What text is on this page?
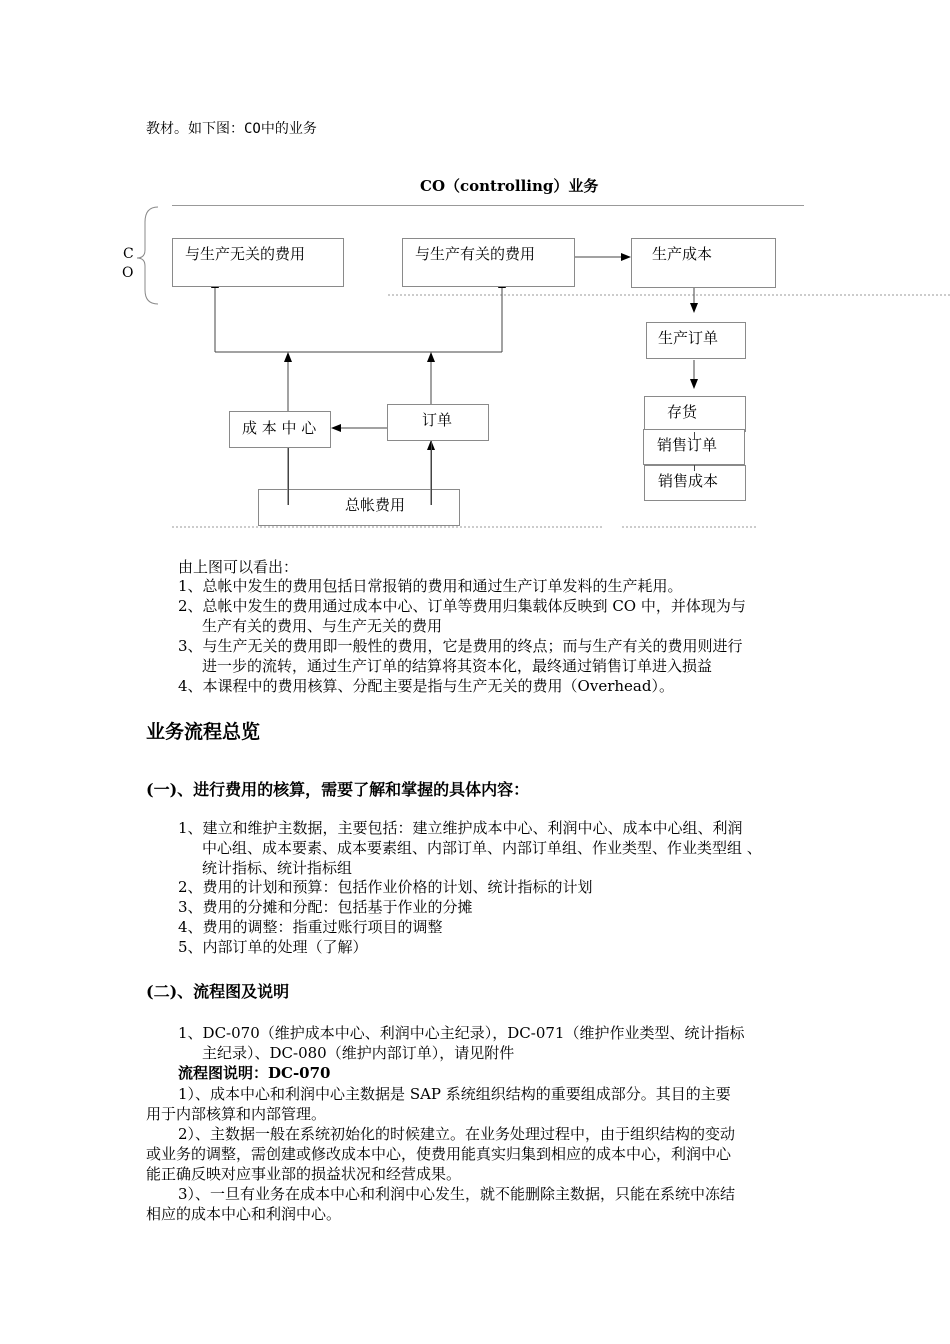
教材。如下图：CO中的业务
CO（controlling）业务
C
O
与生产无关的费用	与生产有关的费用	生产成本
生产订单
存货
销售订单
销售成本
成 本 中 心	订单
总帐费用
由上图可以看出：
1、总帐中发生的费用包括日常报销的费用和通过生产订单发料的生产耗用。
2、总帐中发生的费用通过成本中心、订单等费用归集载体反映到 CO 中，并体现为与
生产有关的费用、与生产无关的费用
3、与生产无关的费用即一般性的费用，它是费用的终点；而与生产有关的费用则进行
进一步的流转，通过生产订单的结算将其资本化，最终通过销售订单进入损益
4、本课程中的费用核算、分配主要是指与生产无关的费用（Overhead）。
业务流程总览
(一)、进行费用的核算，需要了解和掌握的具体内容：
1、建立和维护主数据，主要包括：建立维护成本中心、利润中心、成本中心组、利润
中心组、成本要素、成本要素组、内部订单、内部订单组、作业类型、作业类型组 、
统计指标、统计指标组
2、费用的计划和预算：包括作业价格的计划、统计指标的计划
3、费用的分摊和分配：包括基于作业的分摊
4、费用的调整：指重过账行项目的调整
5、内部订单的处理（了解）
(二)、流程图及说明
1、DC-070（维护成本中心、利润中心主纪录），DC-071（维护作业类型、统计指标
主纪录）、DC-080（维护内部订单），请见附件
流程图说明：DC-070
1）、成本中心和利润中心主数据是 SAP 系统组织结构的重要组成部分。其目的主要
用于内部核算和内部管理。
2）、主数据一般在系统初始化的时候建立。在业务处理过程中，由于组织结构的变动
或业务的调整，需创建或修改成本中心，使费用能真实归集到相应的成本中心，利润中心
能正确反映对应事业部的损益状况和经营成果。
3）、一旦有业务在成本中心和利润中心发生，就不能删除主数据，只能在系统中冻结
相应的成本中心和利润中心。
